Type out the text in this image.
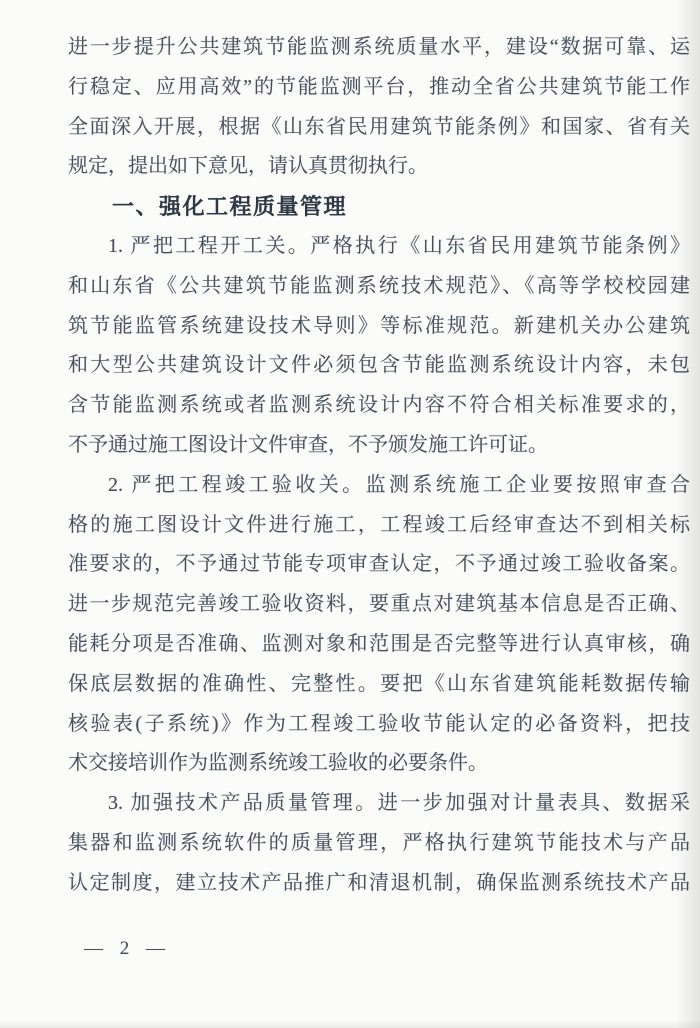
进一步提升公共建筑节能监测系统质量水平，建设“数据可靠、运
行稳定、应用高效”的节能监测平台，推动全省公共建筑节能工作
全面深入开展，根据《山东省民用建筑节能条例》和国家、省有关
规定，提出如下意见，请认真贯彻执行。
一、强化工程质量管理
1. 严把工程开工关。严格执行《山东省民用建筑节能条例》
和山东省《公共建筑节能监测系统技术规范》、《高等学校校园建
筑节能监管系统建设技术导则》等标准规范。新建机关办公建筑
和大型公共建筑设计文件必须包含节能监测系统设计内容，未包
含节能监测系统或者监测系统设计内容不符合相关标准要求的，
不予通过施工图设计文件审查，不予颁发施工许可证。
2. 严把工程竣工验收关。监测系统施工企业要按照审查合
格的施工图设计文件进行施工，工程竣工后经审查达不到相关标
准要求的，不予通过节能专项审查认定，不予通过竣工验收备案。
进一步规范完善竣工验收资料，要重点对建筑基本信息是否正确、
能耗分项是否准确、监测对象和范围是否完整等进行认真审核，确
保底层数据的准确性、完整性。要把《山东省建筑能耗数据传输
核验表(子系统)》作为工程竣工验收节能认定的必备资料，把技
术交接培训作为监测系统竣工验收的必要条件。
3. 加强技术产品质量管理。进一步加强对计量表具、数据采
集器和监测系统软件的质量管理，严格执行建筑节能技术与产品
认定制度，建立技术产品推广和清退机制，确保监测系统技术产品
— 2 —
